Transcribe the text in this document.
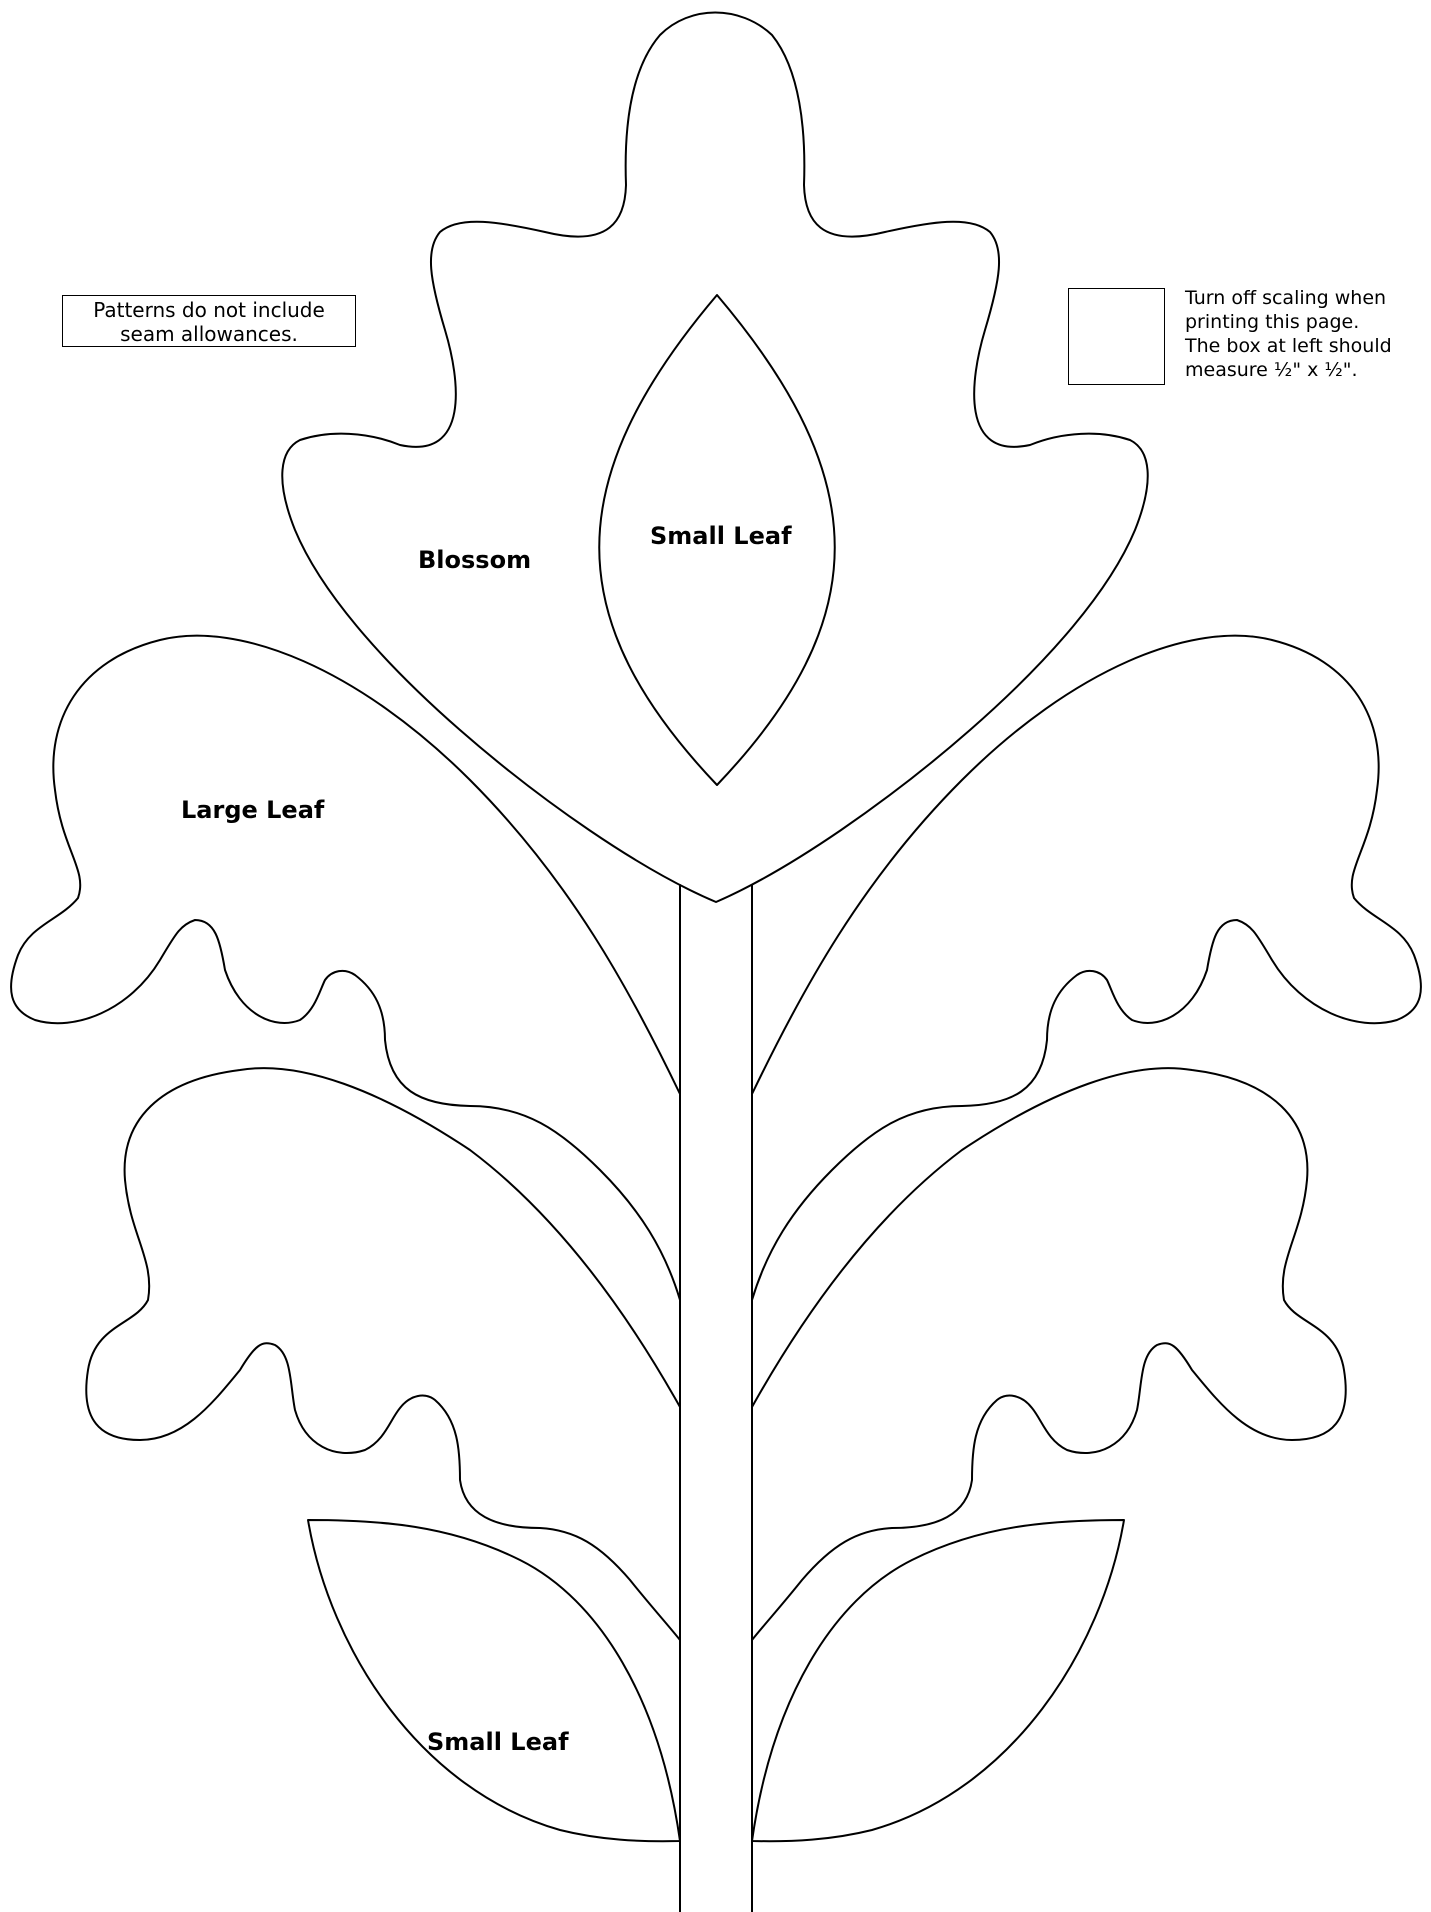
Patterns do not include
seam allowances.
Turn off scaling when
printing this page.
The box at left should
measure ½" x ½".
Blossom
Small Leaf
Large Leaf
Small Leaf
